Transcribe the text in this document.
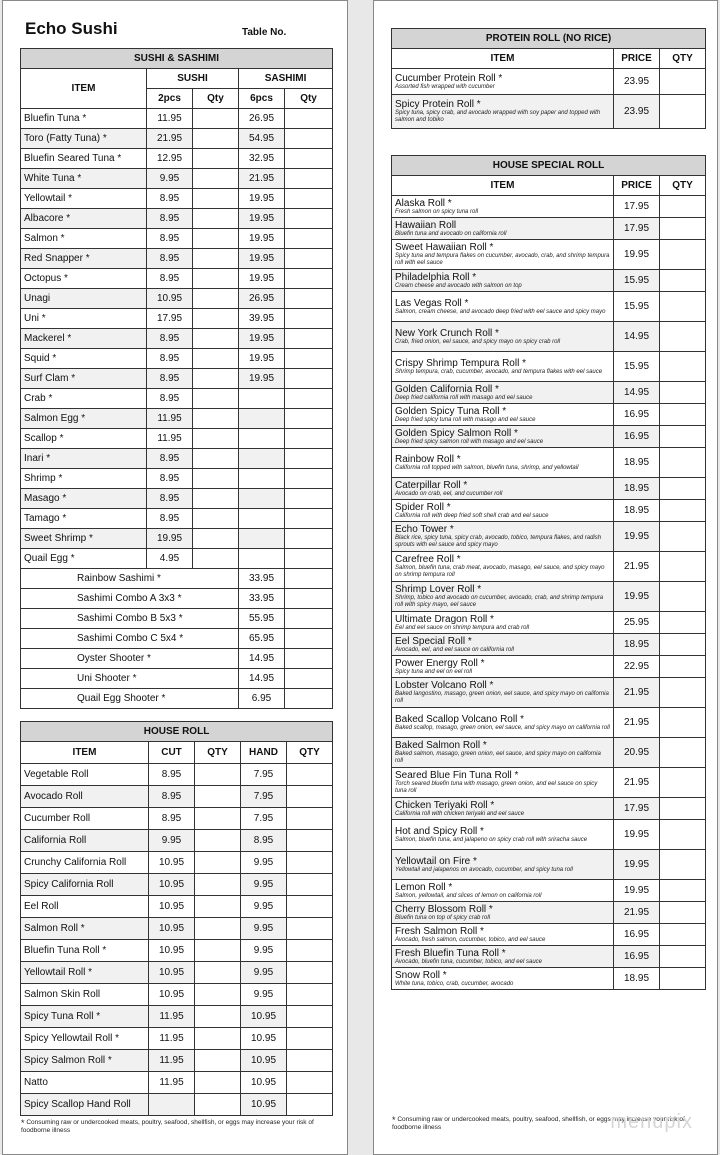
Echo Sushi	Table No.
SUSHI & SASHIMI				
ITEM	SUSHI		SASHIMI	
	2pcs	Qty	6pcs	Qty
Bluefin Tuna *	11.95		26.95	
Toro (Fatty Tuna) *	21.95		54.95	
Bluefin Seared Tuna *	12.95		32.95	
White Tuna *	9.95		21.95	
Yellowtail *	8.95		19.95	
Albacore *	8.95		19.95	
Salmon *	8.95		19.95	
Red Snapper *	8.95		19.95	
Octopus *	8.95		19.95	
Unagi	10.95		26.95	
Uni *	17.95		39.95	
Mackerel *	8.95		19.95	
Squid *	8.95		19.95	
Surf Clam *	8.95		19.95	
Crab *	8.95			
Salmon Egg *	11.95			
Scallop *	11.95			
Inari *	8.95			
Shrimp *	8.95			
Masago *	8.95			
Tamago *	8.95			
Sweet Shrimp *	19.95			
Quail Egg *	4.95			
Rainbow Sashimi *			33.95	
Sashimi Combo A 3x3 *			33.95	
Sashimi Combo B 5x3 *			55.95	
Sashimi Combo C 5x4 *			65.95	
Oyster Shooter *			14.95	
Uni Shooter *			14.95	
Quail Egg Shooter *			6.95	
HOUSE ROLL				
ITEM	CUT	QTY	HAND	QTY
Vegetable Roll	8.95		7.95	
Avocado Roll	8.95		7.95	
Cucumber Roll	8.95		7.95	
California Roll	9.95		8.95	
Crunchy California Roll	10.95		9.95	
Spicy California Roll	10.95		9.95	
Eel Roll	10.95		9.95	
Salmon Roll *	10.95		9.95	
Bluefin Tuna Roll *	10.95		9.95	
Yellowtail Roll *	10.95		9.95	
Salmon Skin Roll	10.95		9.95	
Spicy Tuna Roll *	11.95		10.95	
Spicy Yellowtail Roll *	11.95		10.95	
Spicy Salmon Roll *	11.95		10.95	
Natto	11.95		10.95	
Spicy Scallop Hand Roll			10.95	
* Consuming raw or undercooked meats, poultry, seafood, shellfish, or eggs may increase your risk of foodborne illness
PROTEIN ROLL (NO RICE)		
ITEM	PRICE	QTY

Cucumber Protein Roll *
Assorted fish wrapped with cucumber	23.95	

Spicy Protein Roll *
Spicy tuna, spicy crab, and avocado wrapped with soy paper and topped with salmon and tobiko	23.95	
HOUSE SPECIAL ROLL		
ITEM	PRICE	QTY

Alaska Roll *
Fresh salmon on spicy tuna roll	17.95	

Hawaiian Roll
Bluefin tuna and avocado on california roll	17.95	

Sweet Hawaiian Roll *
Spicy tuna and tempura flakes on cucumber, avocado, crab, and shrimp tempura roll with eel sauce	19.95	

Philadelphia Roll *
Cream cheese and avocado with salmon on top	15.95	

Las Vegas Roll *
Salmon, cream cheese, and avocado deep fried with eel sauce and spicy mayo	15.95	

New York Crunch Roll *
Crab, fried onion, eel sauce, and spicy mayo on spicy crab roll	14.95	

Crispy Shrimp Tempura Roll *
Shrimp tempura, crab, cucumber, avocado, and tempura flakes with eel sauce	15.95	

Golden California Roll *
Deep fried california roll with masago and eel sauce	14.95	

Golden Spicy Tuna Roll *
Deep fried spicy tuna roll with masago and eel sauce	16.95	

Golden Spicy Salmon Roll *
Deep fried spicy salmon roll with masago and eel sauce	16.95	

Rainbow Roll *
California roll topped with salmon, bluefin tuna, shrimp, and yellowtail	18.95	

Caterpillar Roll *
Avocado on crab, eel, and cucumber roll	18.95	

Spider Roll *
California roll with deep fried soft shell crab and eel sauce	18.95	

Echo Tower *
Black rice, spicy tuna, spicy crab, avocado, tobico, tempura flakes, and radish sprouts with eel sauce and spicy mayo	19.95	

Carefree Roll *
Salmon, bluefin tuna, crab meat, avocado, masago, eel sauce, and spicy mayo on shrimp tempura roll	21.95	

Shrimp Lover Roll *
Shrimp, tobico and avocado on cucumber, avocado, crab, and shrimp tempura roll with spicy mayo, eel sauce	19.95	

Ultimate Dragon Roll *
Eel and eel sauce on shrimp tempura and crab roll	25.95	

Eel Special Roll *
Avocado, eel, and eel sauce on california roll	18.95	

Power Energy Roll *
Spicy tuna and eel on eel roll	22.95	

Lobster Volcano Roll *
Baked langostino, masago, green onion, eel sauce, and spicy mayo on california roll	21.95	

Baked Scallop Volcano Roll *
Baked scallop, masago, green onion, eel sauce, and spicy mayo on california roll	21.95	

Baked Salmon Roll *
Baked salmon, masago, green onion, eel sauce, and spicy mayo on california roll	20.95	

Seared Blue Fin Tuna Roll *
Torch seared bluefin tuna with masago, green onion, and eel sauce on spicy tuna roll	21.95	

Chicken Teriyaki Roll *
California roll with chicken teriyaki and eel sauce	17.95	

Hot and Spicy Roll *
Salmon, bluefin tuna, and jalapeno on spicy crab roll with sriracha sauce	19.95	

Yellowtail on Fire *
Yellowtail and jalapenos on avocado, cucumber, and spicy tuna roll	19.95	

Lemon Roll *
Salmon, yellowtail, and slices of lemon on california roll	19.95	

Cherry Blossom Roll *
Bluefin tuna on top of spicy crab roll	21.95	

Fresh Salmon Roll *
Avocado, fresh salmon, cucumber, tobico, and eel sauce	16.95	

Fresh Bluefin Tuna Roll *
Avocado, bluefin tuna, cucumber, tobico, and eel sauce	16.95	

Snow Roll *
White tuna, tobico, crab, cucumber, avocado	18.95	
* Consuming raw or undercooked meats, poultry, seafood, shellfish, or eggs may increase your risk of foodborne illness	menupix
